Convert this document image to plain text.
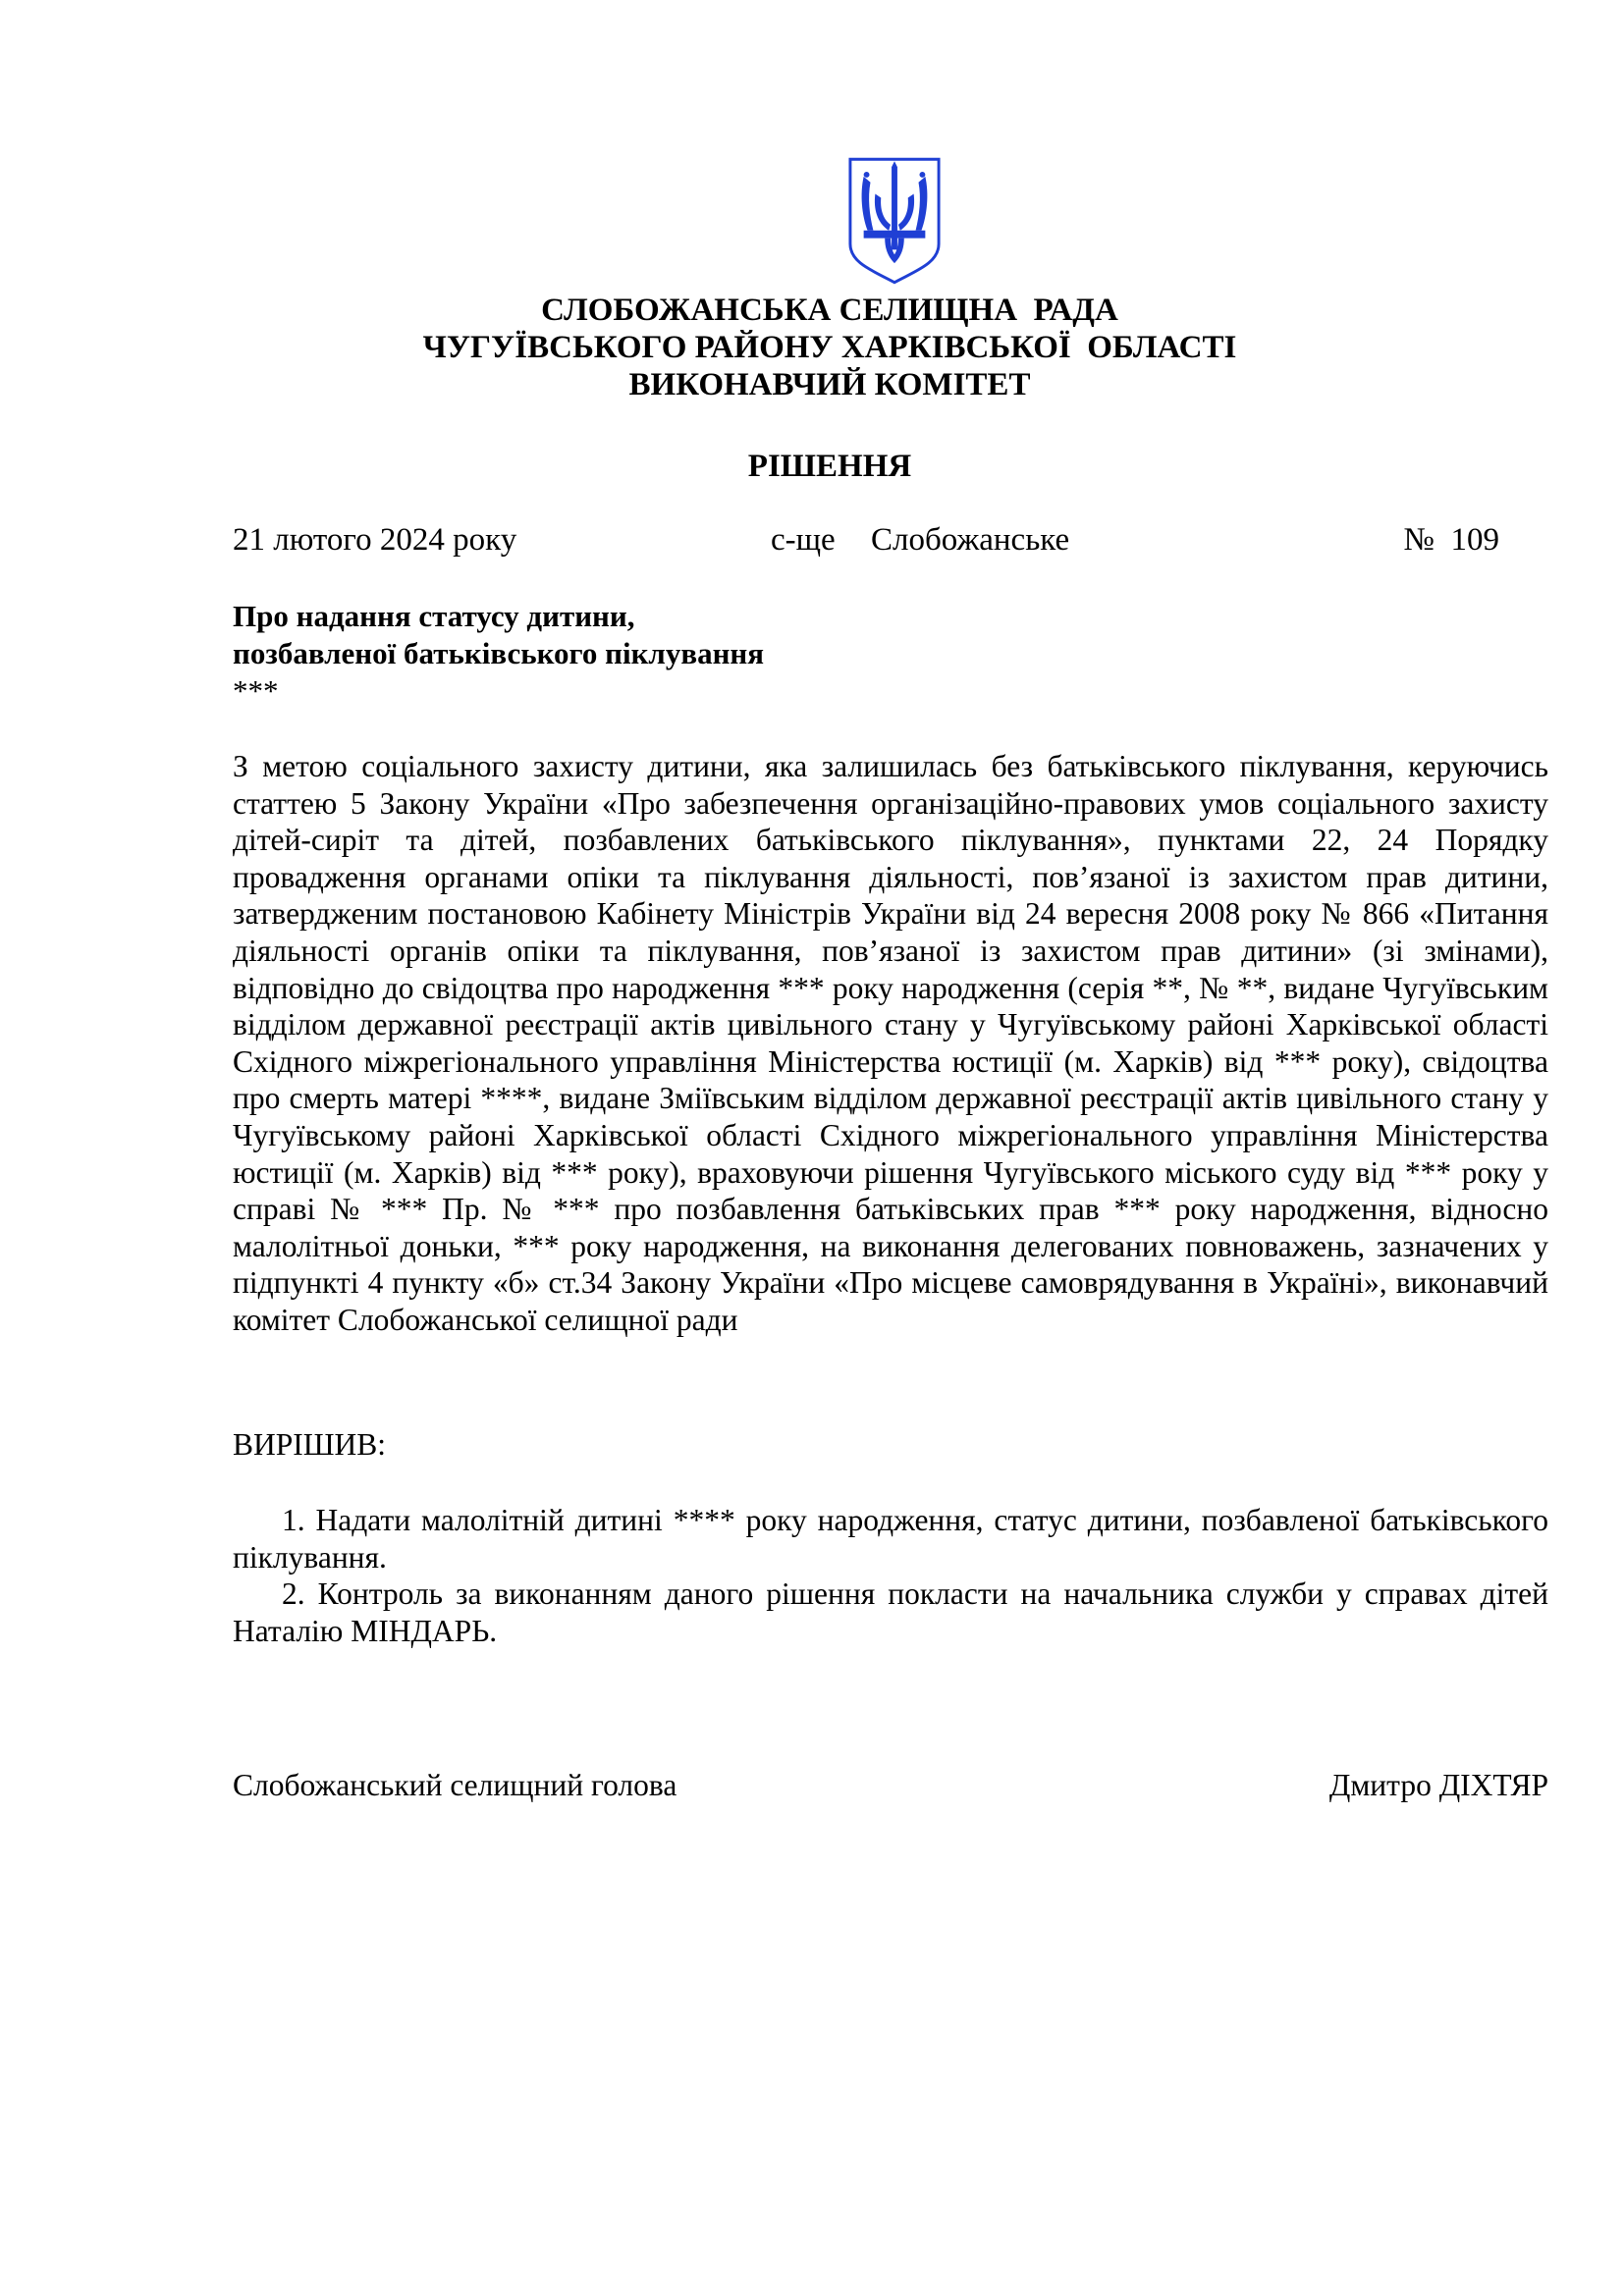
СЛОБОЖАНСЬКА СЕЛИЩНА  РАДА
ЧУГУЇВСЬКОГО РАЙОНУ ХАРКІВСЬКОЇ  ОБЛАСТІ
ВИКОНАВЧИЙ КОМІТЕТ
РІШЕННЯ
21 лютого 2024 року	с-ще Слобожанське	№  109
Про надання статусу дитини,
позбавленої батьківського піклування
***
З метою соціального захисту дитини, яка залишилась без батьківського піклування, керуючись статтею 5 Закону України «Про забезпечення організаційно-правових умов соціального захисту дітей-сиріт та дітей, позбавлених батьківського піклування», пунктами 22, 24 Порядку провадження органами опіки та піклування діяльності, пов’язаної із захистом прав дитини, затвердженим постановою Кабінету Міністрів України від 24 вересня 2008 року № 866 «Питання діяльності органів опіки та піклування, пов’язаної із захистом прав дитини» (зі змінами), відповідно до свідоцтва про народження *** року народження (серія **, № **, видане Чугуївським відділом державної реєстрації актів цивільного стану у Чугуївському районі Харківської області Східного міжрегіонального управління Міністерства юстиції (м. Харків) від *** року), свідоцтва про смерть матері ****, видане Зміївським відділом державної реєстрації актів цивільного стану у Чугуївському районі Харківської області Східного міжрегіонального управління Міністерства юстиції (м. Харків) від *** року), враховуючи рішення Чугуївського міського суду від *** року у справі № *** Пр. № *** про позбавлення батьківських прав *** року народження, відносно малолітньої доньки, *** року народження, на виконання делегованих повноважень, зазначених у підпункті 4 пункту «б» ст.34 Закону України «Про місцеве самоврядування в Україні», виконавчий комітет Слобожанської селищної ради
ВИРІШИВ:

1. Надати малолітній дитині **** року народження, статус дитини, позбавленої батьківського піклування.

2. Контроль за виконанням даного рішення покласти на начальника служби у справах дітей Наталію МІНДАРЬ.

Слобожанський селищний голова	Дмитро ДІХТЯР
